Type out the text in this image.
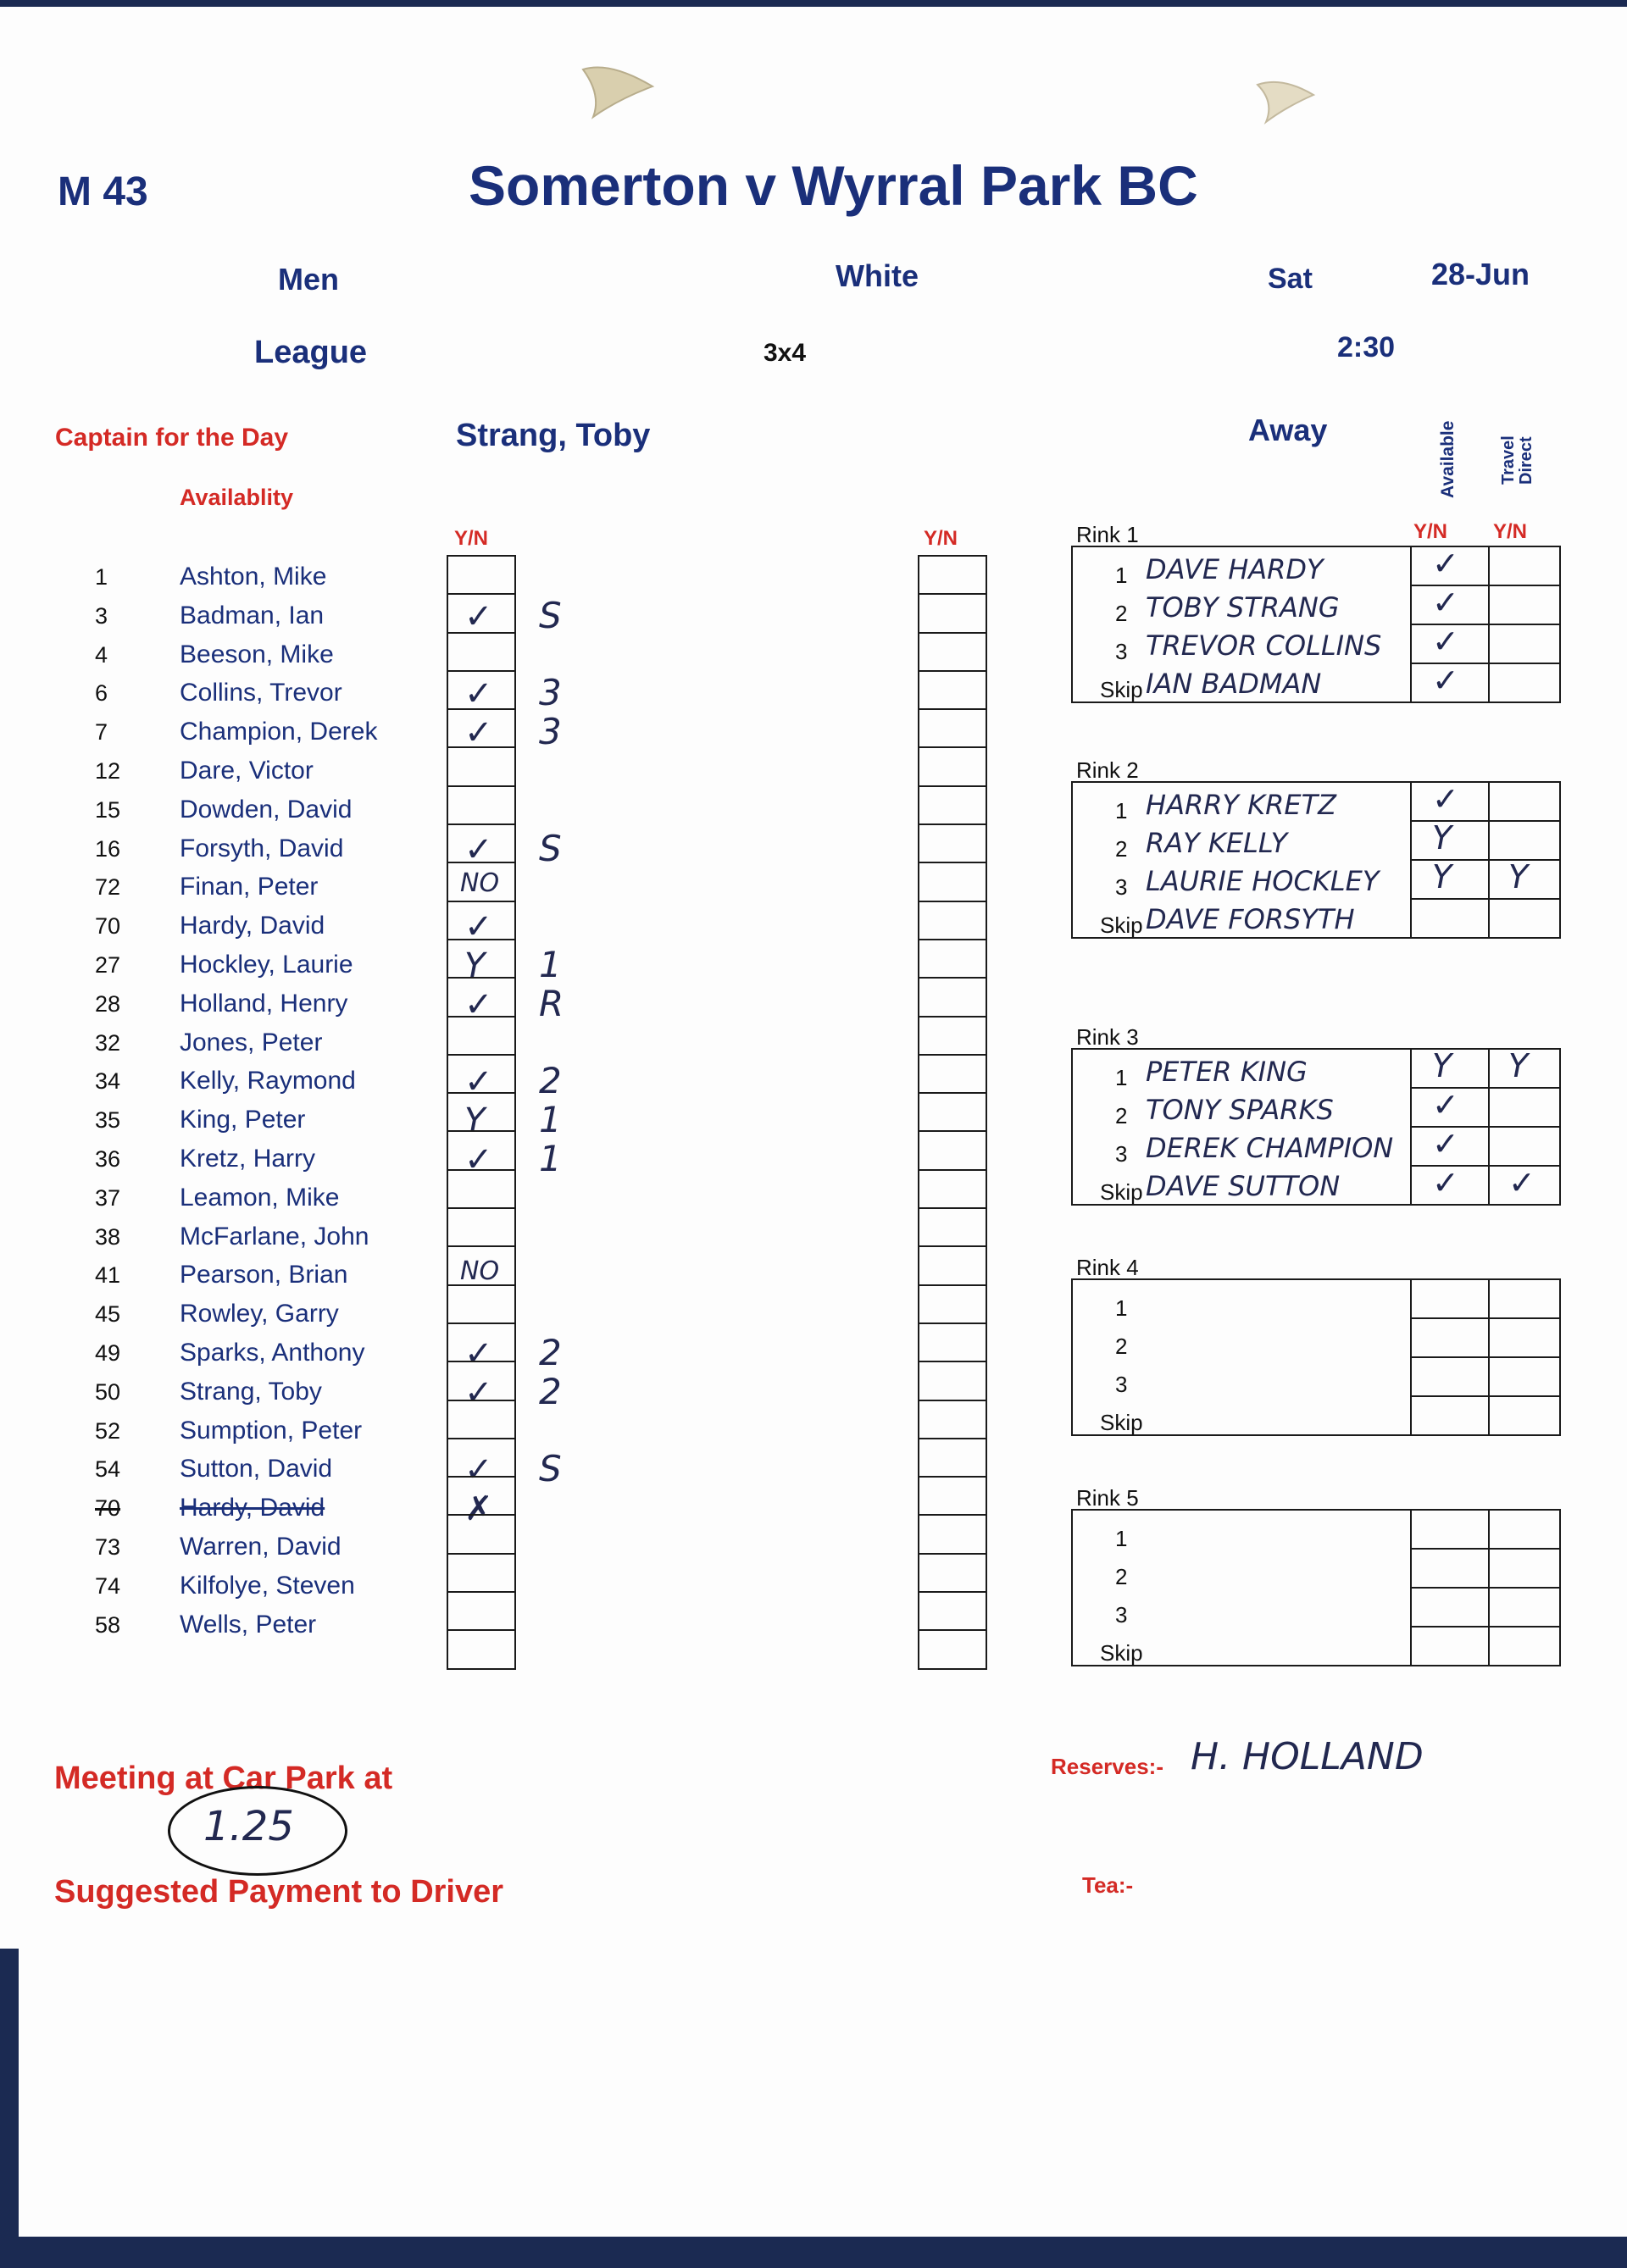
M 43	Somerton v Wyrral Park BC
Men	White	Sat	28-Jun
League	3x4	2:30
Captain for the Day	Strang, Toby	Away	Available Travel Direct
Availablity
Y/N	Y/N
1	Ashton, Mike
3	Badman, Ian	✓ S
4	Beeson, Mike
6	Collins, Trevor	✓ 3
7	Champion, Derek	✓ 3
12 Dare, Victor
15 Dowden, David
16 Forsyth, David	✓ S
72 Finan, Peter	NO
70 Hardy, David	✓
27 Hockley, Laurie	Y 1
28 Holland, Henry	✓ R
32 Jones, Peter
34 Kelly, Raymond	✓ 2
35 King, Peter	Y 1
36 Kretz, Harry	✓ 1
37 Leamon, Mike
38 McFarlane, John
41 Pearson, Brian	NO
45 Rowley, Garry
49 Sparks, Anthony	✓ 2
50 Strang, Toby	✓ 2
52 Sumption, Peter
54 Sutton, David	✓ S
70 Hardy, David	✗
73 Warren, David
74 Kilfolye, Steven
58 Wells, Peter
Y/N Y/N
Rink 1
1 DAVE HARDY	✓
2 TOBY STRANG	✓
3 TREVOR COLLINS ✓
Skip IAN BADMAN	✓
Rink 2
1 HARRY KRETZ	✓
2 RAY KELLY	Y
3 LAURIE HOCKLEY Y Y
Skip DAVE FORSYTH
Rink 3
1 PETER KING	Y Y
2 TONY SPARKS	✓
3 DEREK CHAMPION ✓
Skip DAVE SUTTON	✓ ✓
Rink 4
1
2
3
Skip
Rink 5
1
2
3
Skip
Meeting at Car Park at
1.25
Suggested Payment to Driver
Reserves:- H. HOLLAND
Tea:-
